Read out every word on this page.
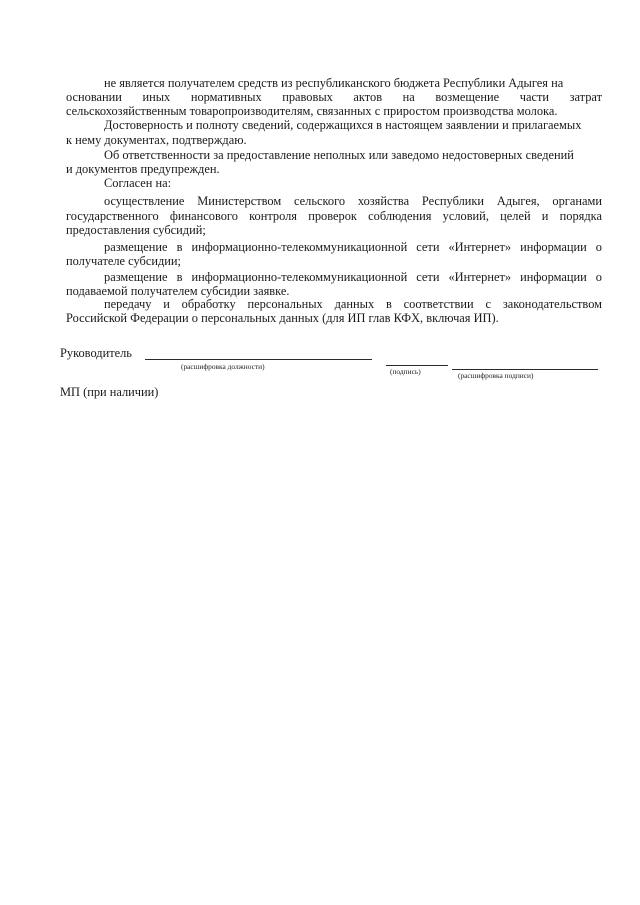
не является получателем средств из республиканского бюджета Республики Адыгея на
основании иных нормативных правовых актов на возмещение части затрат
сельскохозяйственным товаропроизводителям, связанных с приростом производства молока.
Достоверность и полноту сведений, содержащихся в настоящем заявлении и прилагаемых
к нему документах, подтверждаю.
Об ответственности за предоставление неполных или заведомо недостоверных сведений
и документов предупрежден.
Согласен на:
осуществление Министерством сельского хозяйства Республики Адыгея, органами
государственного финансового контроля проверок соблюдения условий, целей и порядка
предоставления субсидий;
размещение в информационно-телекоммуникационной сети «Интернет» информации о
получателе субсидии;
размещение в информационно-телекоммуникационной сети «Интернет» информации о
подаваемой получателем субсидии заявке.
передачу и обработку персональных данных в соответствии с законодательством
Российской Федерации о персональных данных (для ИП глав КФХ, включая ИП).
Руководитель
(расшифровка должности)
(подпись)	(расшифровка подписи)
МП (при наличии)
